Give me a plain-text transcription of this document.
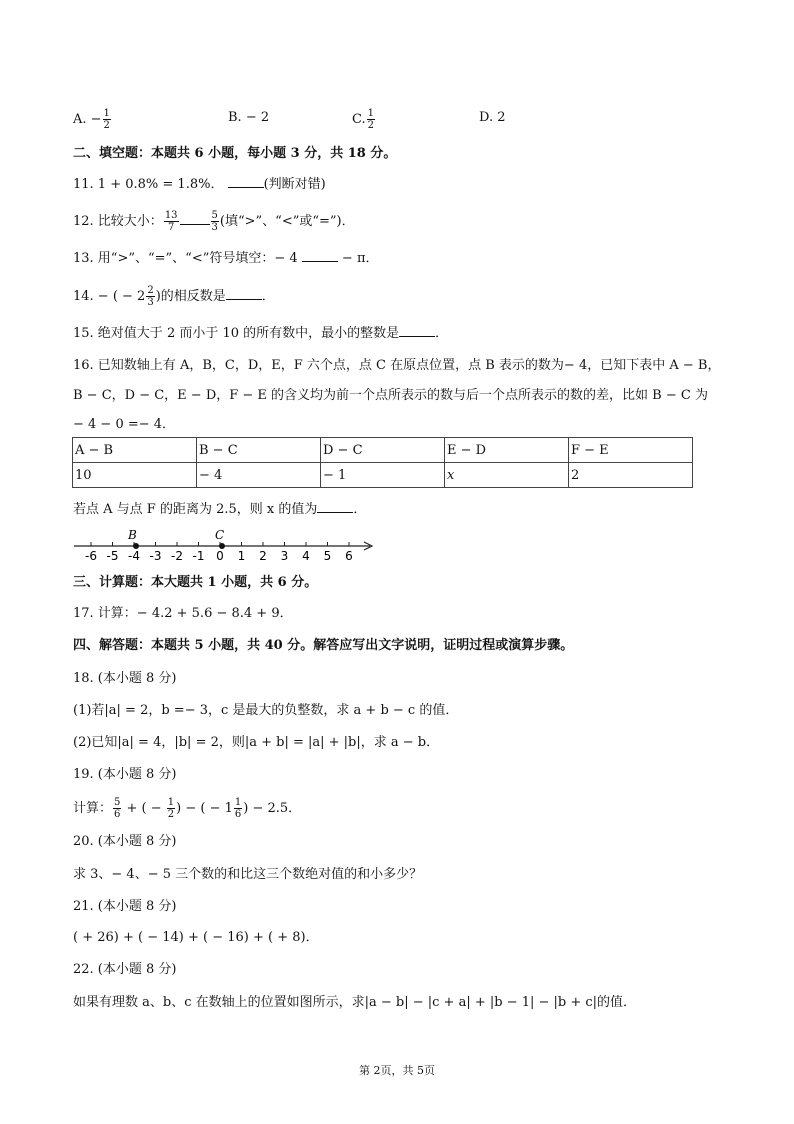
A. − $\frac{1}{2}$	B. − 2	C. $\frac{1}{2}$	D. 2
二、填空题：本题共 6 小题，每小题 3 分，共 18 分。
11. 1 + 0.8% = 1.8%．	(判断对错)
12. 比较大小： $\frac{13}{7}$	$\frac{5}{3}$ (填“>”、“<”或“=”)．
13. 用“>”、“=”、“<”符号填空：− 4	− π．
14. − ( − $2 \frac{2}{3}$ )的相反数是	．
15. 绝对值大于 2 而小于 10 的所有数中，最小的整数是	．
16. 已知数轴上有 A，B，C，D，E，F 六个点，点 C 在原点位置，点 B 表示的数为− 4，已知下表中 A − B，
B − C，D − C，E − D，F − E 的含义均为前一个点所表示的数与后一个点所表示的数的差，比如 B − C 为
− 4 − 0 =− 4．
A − B	B − C	D − C	E − D	F − E
10	− 4	− 1	x	2
若点 A 与点 F 的距离为 2.5，则 x 的值为	．
-6 -5 -4 -3 -2 -1 0 1 2 3 4 5 6
B	C
三、计算题：本大题共 1 小题，共 6 分。
17. 计算：− 4.2 + 5.6 − 8.4 + 9．
四、解答题：本题共 5 小题，共 40 分。解答应写出文字说明，证明过程或演算步骤。
18. (本小题 8 分)
(1)若|a| = 2，b =− 3，c 是最大的负整数，求 a + b − c 的值．
(2)已知|a| = 4，|b| = 2，则|a + b| = |a| + |b|，求 a − b．
19. (本小题 8 分)
计算： $\frac{5}{6}$ + ( − $\frac{1}{2}$ ) − ( − $1 \frac{1}{6}$ ) − 2.5．
20. (本小题 8 分)
求 3、− 4、− 5 三个数的和比这三个数绝对值的和小多少？
21. (本小题 8 分)
( + 26) + ( − 14) + ( − 16) + ( + 8)．
22. (本小题 8 分)
如果有理数 a、b、c 在数轴上的位置如图所示，求|a − b| − |c + a| + |b − 1| − |b + c|的值．
第 2页，共 5页
